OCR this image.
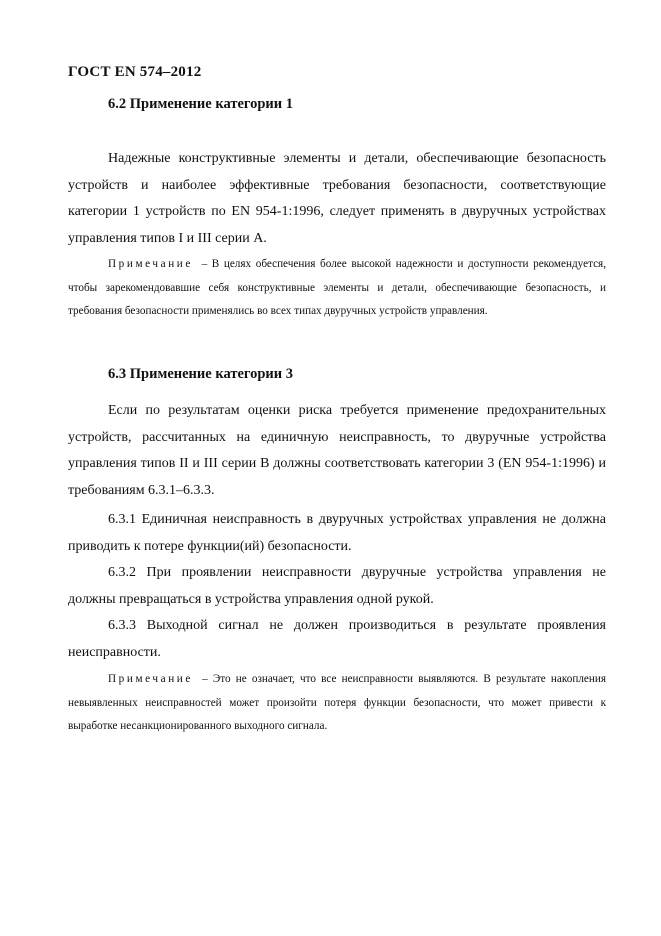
ГОСТ EN 574–2012
6.2 Применение категории 1

Надежные конструктивные элементы и детали, обеспечивающие безопасность устройств и наиболее эффективные требования безопасности, соответствующие категории 1 устройств по EN 954-1:1996, следует применять в двуручных устройствах управления типов I и III серии A.

Примечание – В целях обеспечения более высокой надежности и доступности рекомендуется, чтобы зарекомендовавшие себя конструктивные элементы и детали, обеспечивающие безопасность, и требования безопасности применялись во всех типах двуручных устройств управления.

6.3 Применение категории 3

Если по результатам оценки риска требуется применение предохранительных устройств, рассчитанных на единичную неисправность, то двуручные устройства управления типов II и III серии B должны соответствовать категории 3 (EN 954-1:1996) и требованиям 6.3.1–6.3.3.

6.3.1 Единичная неисправность в двуручных устройствах управления не должна приводить к потере функции(ий) безопасности.

6.3.2 При проявлении неисправности двуручные устройства управления не должны превращаться в устройства управления одной рукой.

6.3.3 Выходной сигнал не должен производиться в результате проявления неисправности.

Примечание – Это не означает, что все неисправности выявляются. В результате накопления невыявленных неисправностей может произойти потеря функции безопасности, что может привести к выработке несанкционированного выходного сигнала.
